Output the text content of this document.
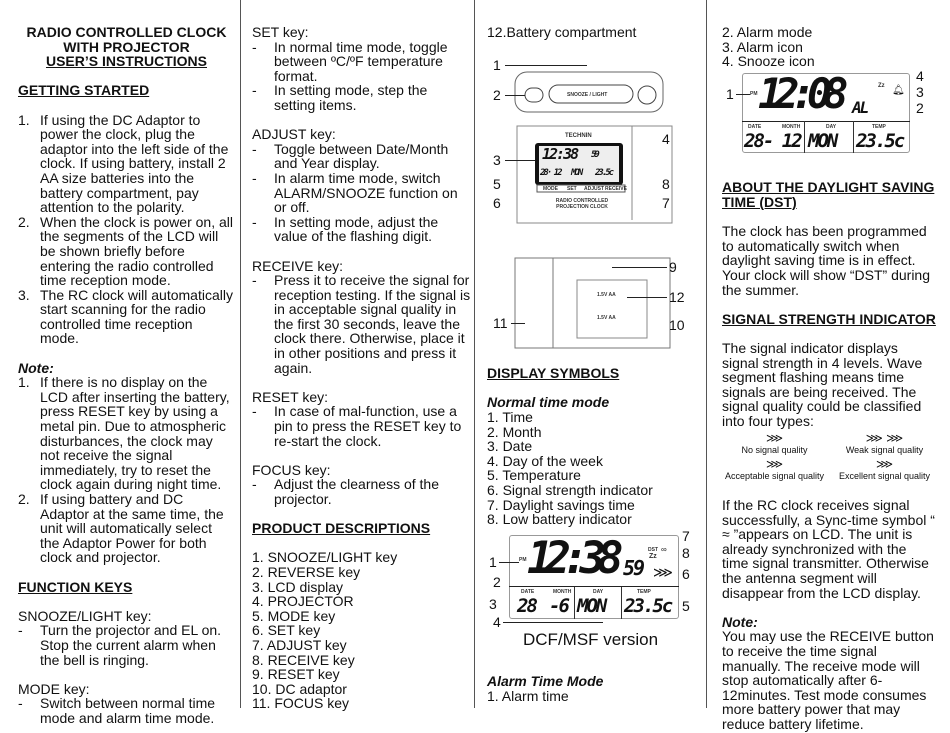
RADIO CONTROLLED CLOCK
WITH PROJECTOR
USER’S INSTRUCTIONS
GETTING STARTED
1. If using the DC Adaptor to power the clock, plug the adaptor into the left side of the clock. If using battery, install 2 AA size batteries into the battery compartment, pay attention to the polarity.
2. When the clock is power on, all the segments of the LCD will be shown briefly before entering the radio controlled time reception mode.
3. The RC clock will automatically start scanning for the radio controlled time reception mode.
Note:
1. If there is no display on the LCD after inserting the battery, press RESET key by using a metal pin. Due to atmospheric disturbances, the clock may not receive the signal immediately, try to reset the clock again during night time.
2. If using battery and DC Adaptor at the same time, the unit will automatically select the Adaptor Power for both clock and projector.
FUNCTION KEYS
SNOOZE/LIGHT key:
-	Turn the projector and EL on. Stop the current alarm when the bell is ringing.
MODE key:
-	Switch between normal time mode and alarm time mode.
SET key:
-	In normal time mode, toggle between ºC/ºF temperature format.
-	In setting mode, step the setting items.
ADJUST key:
-	Toggle between Date/Month and Year display.
-	In alarm time mode, switch ALARM/SNOOZE function on or off.
-	In setting mode, adjust the value of the flashing digit.
RECEIVE key:
-	Press it to receive the signal for reception testing. If the signal is in acceptable signal quality in the first 30 seconds, leave the clock there. Otherwise, place it in other positions and press it again.
RESET key:
-	In case of mal-function, use a pin to press the RESET key to re-start the clock.
FOCUS key:
-	Adjust the clearness of the projector.
PRODUCT DESCRIPTIONS
1. SNOOZE/LIGHT key
2. REVERSE key
3. LCD display
4. PROJECTOR
5. MODE key
6. SET key
7. ADJUST key
8. RECEIVE key
9. RESET key
10. DC adaptor
11. FOCUS key
12.Battery compartment
SNOOZE / LIGHT
TECHNIN
12:38 59
28· 12 MON 23.5c
MODE SET ADJUST RECEIVE
RADIO CONTROLLED PROJECTION CLOCK
1.5V AA
1.5V AA
1
2
3
4
5
6	7
8
9
10
11
12
DISPLAY SYMBOLS
Normal time mode
1. Time
2. Month
3. Date
4. Day of the week
5. Temperature
6. Signal strength indicator
7. Daylight savings time
8. Low battery indicator
PM 12:38 59
DST
Zz
∞
⋙
DATE	MONTH	DAY	TEMP
28 -6 MON 23.5c
DCF/MSF version
1
2
3
4
5
6
7
8
Alarm Time Mode
1. Alarm time
2. Alarm mode
3. Alarm icon
4. Snooze icon
PM 12:08 AL
Zz 🔔︎
DATE	MONTH	DAY	TEMP
28- 12 MON 23.5c
1
2
3
4
ABOUT THE DAYLIGHT SAVING TIME (DST)
The clock has been programmed to automatically switch when daylight saving time is in effect. Your clock will show “DST” during the summer.
SIGNAL STRENGTH INDICATOR
The signal indicator displays signal strength in 4 levels. Wave segment flashing means time signals are being received. The signal quality could be classified into four types:
⋙
No signal quality
⋙ ⋙
Weak signal quality
⋙
Acceptable signal quality
⋙
Excellent signal quality
If the RC clock receives signal successfully, a Sync-time symbol “ ≈ ”appears on LCD. The unit is already synchronized with the time signal transmitter. Otherwise the antenna segment will disappear from the LCD display.
Note:
You may use the RECEIVE button to receive the time signal manually. The receive mode will stop automatically after 6-12minutes. Test mode consumes more battery power that may reduce battery lifetime.
